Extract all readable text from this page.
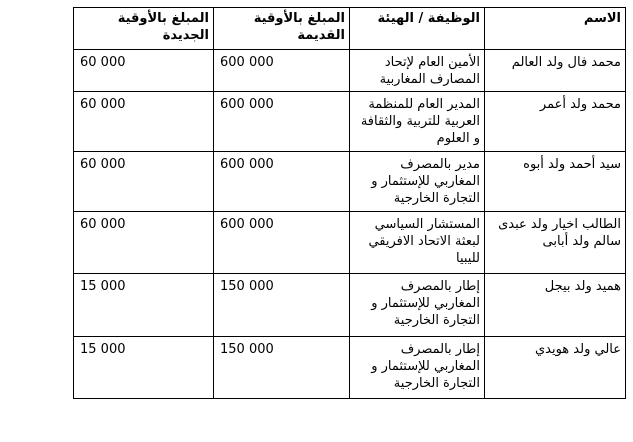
الاسم	الوظيفة / الهيئة	المبلغ بالأوقية القديمة	المبلغ بالأوقية الجديدة
محمد فال ولد العالم	الأمين العام لإتحاد المصارف المغاربية	600 000	60 000
محمد ولد أعمر	المدير العام للمنظمة العربية للتربية والثقافة و العلوم	600 000	60 000
سيد أحمد ولد أبوه	مدير بالمصرف المغاربي للإستثمار و التجارة الخارجية	600 000	60 000
الطالب اخيار ولد عبدى سالم ولد أبابى	المستشار السياسي لبعثة الاتحاد الافريقي لليبيا	600 000	60 000
هميد ولد بيجل	إطار بالمصرف المغاربي للإستثمار و التجارة الخارجية	150 000	15 000
عالي ولد هويدي	إطار بالمصرف المغاربي للإستثمار و التجارة الخارجية	150 000	15 000
